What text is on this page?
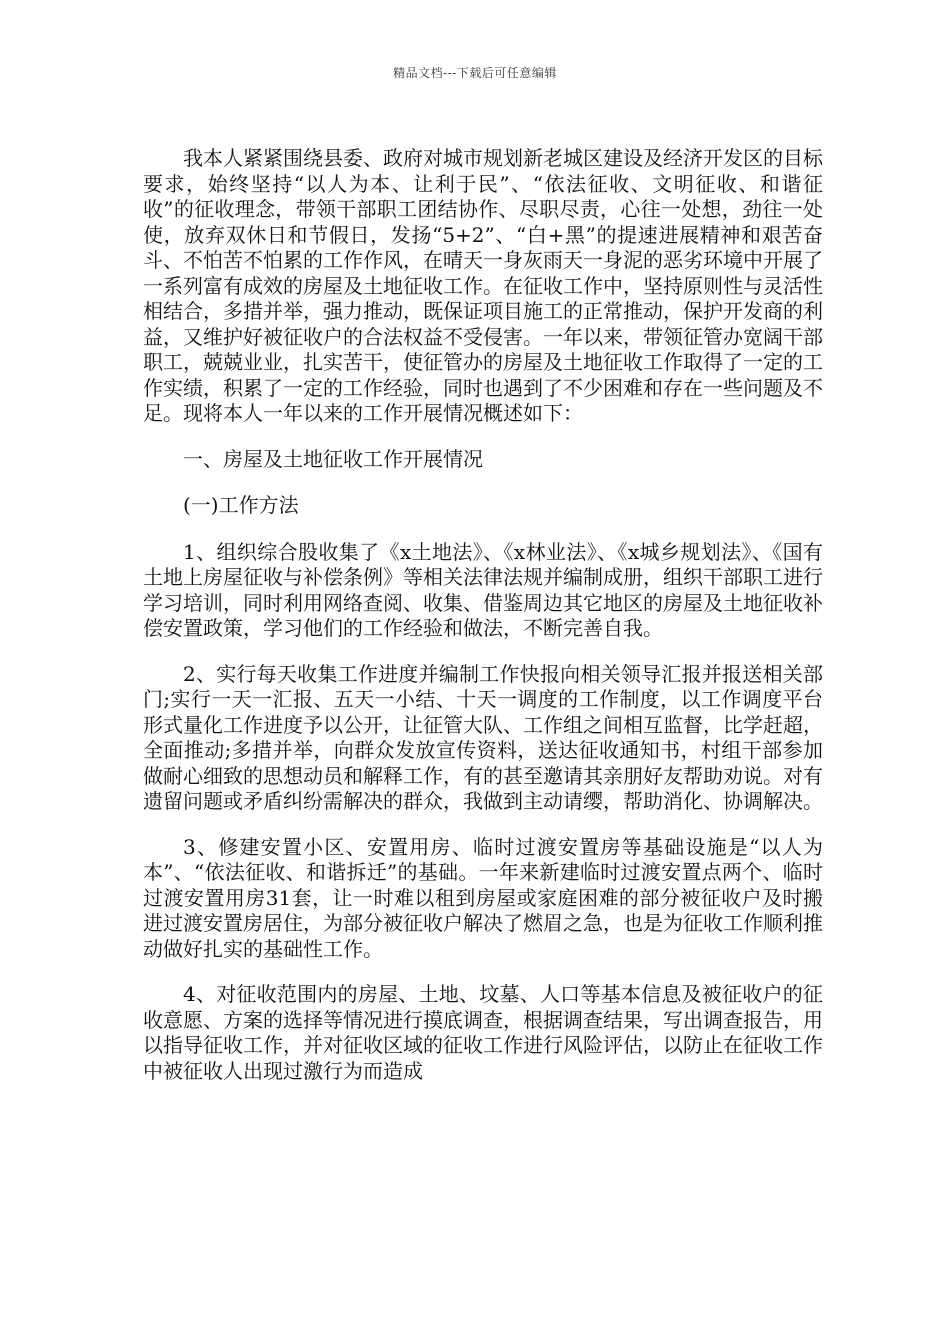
精品文档---下载后可任意编辑

我本人紧紧围绕县委、政府对城市规划新老城区建设及经济开发区的目标要求，始终坚持“以人为本、让利于民”、“依法征收、文明征收、和谐征收”的征收理念，带领干部职工团结协作、尽职尽责，心往一处想，劲往一处使，放弃双休日和节假日，发扬“5+2”、“白+黑”的提速进展精神和艰苦奋斗、不怕苦不怕累的工作作风，在晴天一身灰雨天一身泥的恶劣环境中开展了一系列富有成效的房屋及土地征收工作。在征收工作中，坚持原则性与灵活性相结合，多措并举，强力推动，既保证项目施工的正常推动，保护开发商的利益，又维护好被征收户的合法权益不受侵害。一年以来，带领征管办宽阔干部职工，兢兢业业，扎实苦干，使征管办的房屋及土地征收工作取得了一定的工作实绩，积累了一定的工作经验，同时也遇到了不少困难和存在一些问题及不足。现将本人一年以来的工作开展情况概述如下：

一、房屋及土地征收工作开展情况

(一)工作方法

1、组织综合股收集了《x土地法》、《x林业法》、《x城乡规划法》、《国有土地上房屋征收与补偿条例》等相关法律法规并编制成册，组织干部职工进行学习培训，同时利用网络查阅、收集、借鉴周边其它地区的房屋及土地征收补偿安置政策，学习他们的工作经验和做法，不断完善自我。

2、实行每天收集工作进度并编制工作快报向相关领导汇报并报送相关部门;实行一天一汇报、五天一小结、十天一调度的工作制度，以工作调度平台形式量化工作进度予以公开，让征管大队、工作组之间相互监督，比学赶超，全面推动;多措并举，向群众发放宣传资料，送达征收通知书，村组干部参加做耐心细致的思想动员和解释工作，有的甚至邀请其亲朋好友帮助劝说。对有遗留问题或矛盾纠纷需解决的群众，我做到主动请缨，帮助消化、协调解决。

3、修建安置小区、安置用房、临时过渡安置房等基础设施是“以人为本”、“依法征收、和谐拆迁”的基础。一年来新建临时过渡安置点两个、临时过渡安置用房31套，让一时难以租到房屋或家庭困难的部分被征收户及时搬进过渡安置房居住，为部分被征收户解决了燃眉之急，也是为征收工作顺利推动做好扎实的基础性工作。

4、对征收范围内的房屋、土地、坟墓、人口等基本信息及被征收户的征收意愿、方案的选择等情况进行摸底调查，根据调查结果，写出调查报告，用以指导征收工作，并对征收区域的征收工作进行风险评估，以防止在征收工作中被征收人出现过激行为而造成
